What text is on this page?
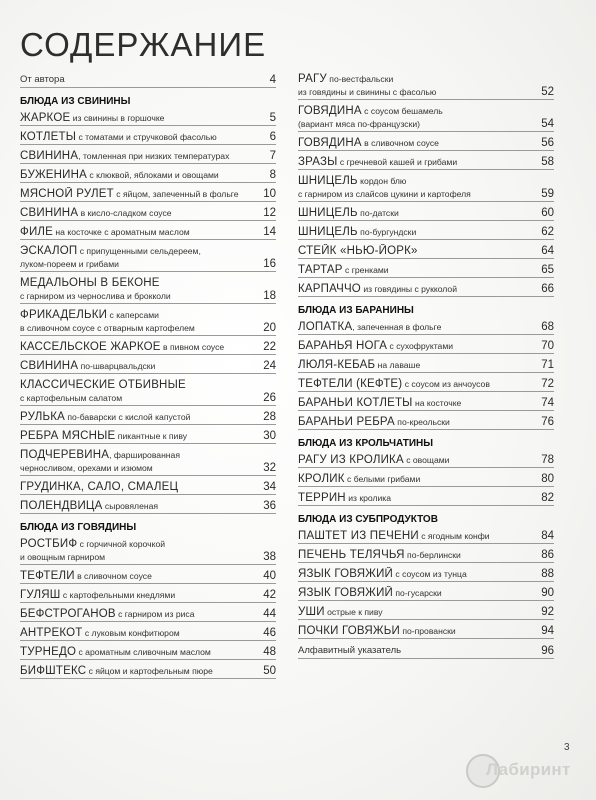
СОДЕРЖАНИЕ
От автора	4
БЛЮДА ИЗ СВИНИНЫ
ЖАРКОЕ из свинины в горшочке	5
КОТЛЕТЫ с томатами и стручковой фасолью	6
СВИНИНА, томленная при низких температурах	7
БУЖЕНИНА с клюквой, яблоками и овощами	8
МЯСНОЙ РУЛЕТ с яйцом, запеченный в фольге	10
СВИНИНА в кисло-сладком соусе	12
ФИЛЕ на косточке с ароматным маслом	14
ЭСКАЛОП с припущенными сельдереем,
луком-пореем и грибами	16
МЕДАЛЬОНЫ В БЕКОНЕ
с гарниром из чернослива и брокколи	18
ФРИКАДЕЛЬКИ с каперсами
в сливочном соусе с отварным картофелем	20
КАССЕЛЬСКОЕ ЖАРКОЕ в пивном соусе	22
СВИНИНА по-шварцвальдски	24
КЛАССИЧЕСКИЕ ОТБИВНЫЕ
с картофельным салатом	26
РУЛЬКА по-баварски с кислой капустой	28
РЕБРА МЯСНЫЕ пикантные к пиву	30
ПОДЧЕРЕВИНА, фаршированная
черносливом, орехами и изюмом	32
ГРУДИНКА, САЛО, СМАЛЕЦ	34
ПОЛЕНДВИЦА сыровяленая	36
БЛЮДА ИЗ ГОВЯДИНЫ
РОСТБИФ с горчичной корочкой
и овощным гарниром	38
ТЕФТЕЛИ в сливочном соусе	40
ГУЛЯШ с картофельными кнедлями	42
БЕФСТРОГАНОВ с гарниром из риса	44
АНТРЕКОТ с луковым конфитюром	46
ТУРНЕДО с ароматным сливочным маслом	48
БИФШТЕКС с яйцом и картофельным пюре	50
РАГУ по-вестфальски
из говядины и свинины с фасолью	52
ГОВЯДИНА с соусом бешамель
(вариант мяса по-французски)	54
ГОВЯДИНА в сливочном соусе	56
ЗРАЗЫ с гречневой кашей и грибами	58
ШНИЦЕЛЬ кордон блю
с гарниром из слайсов цукини и картофеля	59
ШНИЦЕЛЬ по-датски	60
ШНИЦЕЛЬ по-бургундски	62
СТЕЙК «НЬЮ-ЙОРК»	64
ТАРТАР с гренками	65
КАРПАЧЧО из говядины с рукколой	66
БЛЮДА ИЗ БАРАНИНЫ
ЛОПАТКА, запеченная в фольге	68
БАРАНЬЯ НОГА с сухофруктами	70
ЛЮЛЯ-КЕБАБ на лаваше	71
ТЕФТЕЛИ (КЕФТЕ) с соусом из анчоусов	72
БАРАНЬИ КОТЛЕТЫ на косточке	74
БАРАНЬИ РЕБРА по-креольски	76
БЛЮДА ИЗ КРОЛЬЧАТИНЫ
РАГУ ИЗ КРОЛИКА с овощами	78
КРОЛИК с белыми грибами	80
ТЕРРИН из кролика	82
БЛЮДА ИЗ СУБПРОДУКТОВ
ПАШТЕТ ИЗ ПЕЧЕНИ с ягодным конфи	84
ПЕЧЕНЬ ТЕЛЯЧЬЯ по-берлински	86
ЯЗЫК ГОВЯЖИЙ с соусом из тунца	88
ЯЗЫК ГОВЯЖИЙ по-гусарски	90
УШИ острые к пиву	92
ПОЧКИ ГОВЯЖЬИ по-провански	94
Алфавитный указатель	96
3
Лабиринт
